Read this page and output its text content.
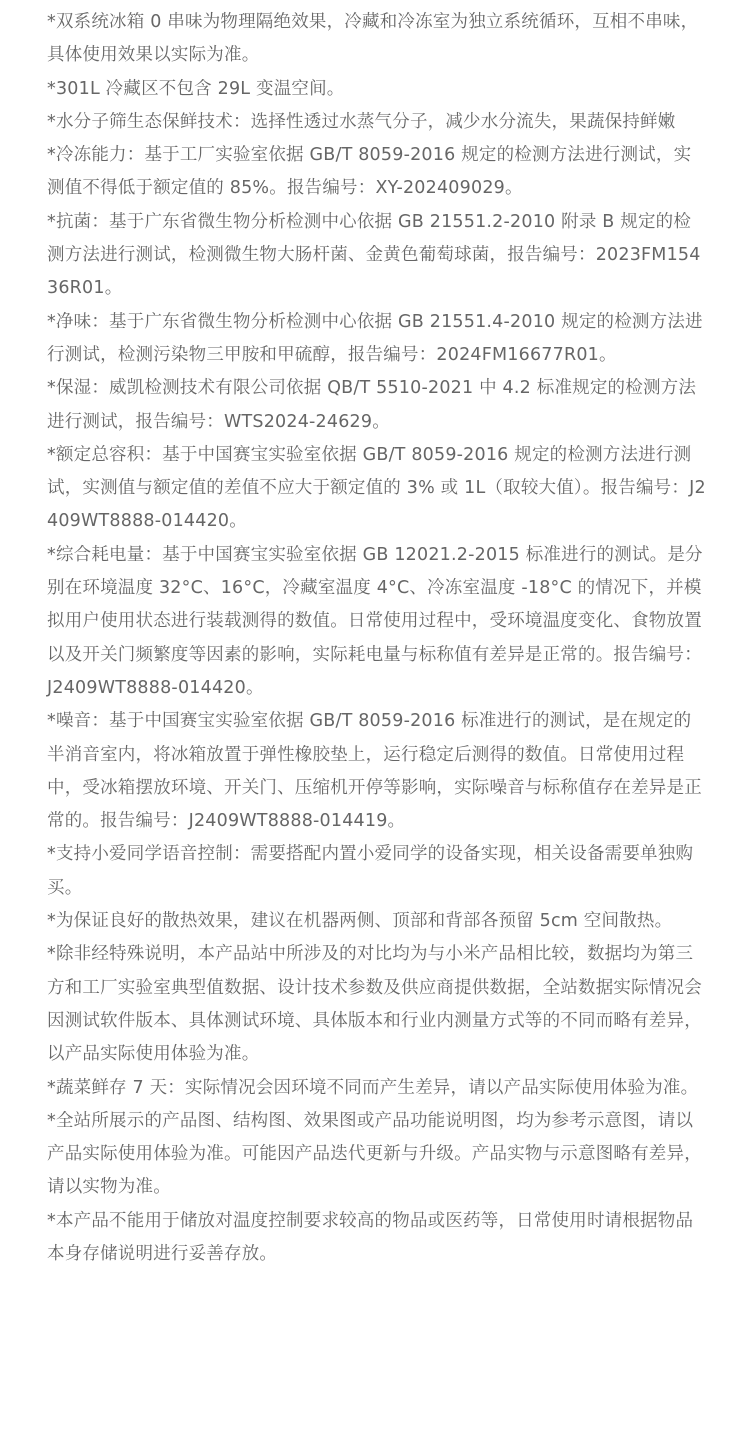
*双系统冰箱 0 串味为物理隔绝效果，冷藏和冷冻室为独立系统循环，互相不串味，具体使用效果以实际为准。
*301L 冷藏区不包含 29L 变温空间。
*水分子筛生态保鲜技术：选择性透过水蒸气分子，减少水分流失，果蔬保持鲜嫩
*冷冻能力：基于工厂实验室依据 GB/T 8059-2016 规定的检测方法进行测试，实测值不得低于额定值的 85%。报告编号：XY-202409029。
*抗菌：基于广东省微生物分析检测中心依据 GB 21551.2-2010 附录 B 规定的检测方法进行测试，检测微生物大肠杆菌、金黄色葡萄球菌，报告编号：2023FM15436R01。
*净味：基于广东省微生物分析检测中心依据 GB 21551.4-2010 规定的检测方法进行测试，检测污染物三甲胺和甲硫醇，报告编号：2024FM16677R01。
*保湿：威凯检测技术有限公司依据 QB/T 5510-2021 中 4.2 标准规定的检测方法进行测试，报告编号：WTS2024-24629。
*额定总容积：基于中国赛宝实验室依据 GB/T 8059-2016 规定的检测方法进行测试，实测值与额定值的差值不应大于额定值的 3% 或 1L（取较大值）。报告编号：J2409WT8888-014420。
*综合耗电量：基于中国赛宝实验室依据 GB 12021.2-2015 标准进行的测试。是分别在环境温度 32°C、16°C，冷藏室温度 4°C、冷冻室温度 -18°C 的情况下，并模拟用户使用状态进行装载测得的数值。日常使用过程中，受环境温度变化、食物放置以及开关门频繁度等因素的影响，实际耗电量与标称值有差异是正常的。报告编号：J2409WT8888-014420。
*噪音：基于中国赛宝实验室依据 GB/T 8059-2016 标准进行的测试，是在规定的半消音室内，将冰箱放置于弹性橡胶垫上，运行稳定后测得的数值。日常使用过程中，受冰箱摆放环境、开关门、压缩机开停等影响，实际噪音与标称值存在差异是正常的。报告编号：J2409WT8888-014419。
*支持小爱同学语音控制：需要搭配内置小爱同学的设备实现，相关设备需要单独购买。
*为保证良好的散热效果，建议在机器两侧、顶部和背部各预留 5cm 空间散热。
*除非经特殊说明，本产品站中所涉及的对比均为与小米产品相比较，数据均为第三方和工厂实验室典型值数据、设计技术参数及供应商提供数据，全站数据实际情况会因测试软件版本、具体测试环境、具体版本和行业内测量方式等的不同而略有差异，以产品实际使用体验为准。
*蔬菜鲜存 7 天：实际情况会因环境不同而产生差异，请以产品实际使用体验为准。
*全站所展示的产品图、结构图、效果图或产品功能说明图，均为参考示意图，请以产品实际使用体验为准。可能因产品迭代更新与升级。产品实物与示意图略有差异，请以实物为准。
*本产品不能用于储放对温度控制要求较高的物品或医药等，日常使用时请根据物品本身存储说明进行妥善存放。
